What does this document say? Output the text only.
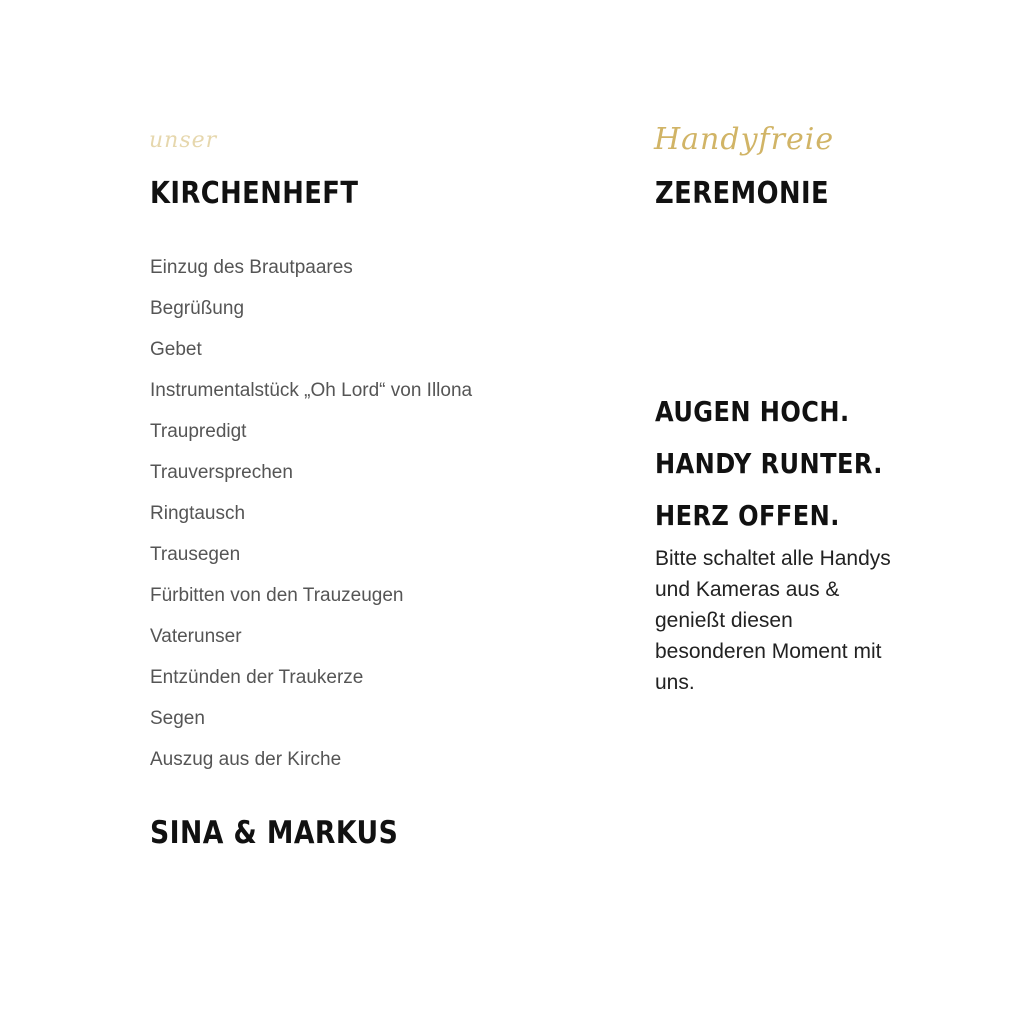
unser
KIRCHENHEFT
Einzug des Brautpaares
Begrüßung
Gebet
Instrumentalstück „Oh Lord“ von Illona
Traupredigt
Trauversprechen
Ringtausch
Trausegen
Fürbitten von den Trauzeugen
Vaterunser
Entzünden der Traukerze
Segen
Auszug aus der Kirche
SINA & MARKUS
Handyfreie
ZEREMONIE
AUGEN HOCH.
HANDY RUNTER.
HERZ OFFEN.

Bitte schaltet alle Handys und Kameras aus & genießt diesen besonderen Moment mit uns.
